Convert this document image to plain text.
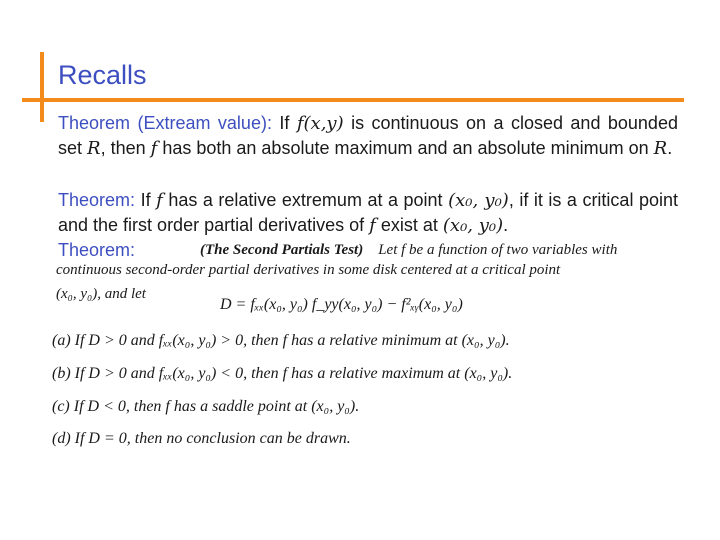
Recalls

Theorem (Extream value): If f(x,y) is continuous on a closed and bounded set R, then f has both an absolute maximum and an absolute minimum on R.

Theorem: If f has a relative extremum at a point (x₀, y₀), if it is a critical point and the first order partial derivatives of f exist at (x₀, y₀).

Theorem:	(The Second Partials Test) Let f be a function of two variables with
continuous second-order partial derivatives in some disk centered at a critical point
(x₀, y₀), and let
D = fₓₓ(x₀, y₀) f_yy(x₀, y₀) − f²ₓᵧ(x₀, y₀)
(a) If D > 0 and fₓₓ(x₀, y₀) > 0, then f has a relative minimum at (x₀, y₀).
(b) If D > 0 and fₓₓ(x₀, y₀) < 0, then f has a relative maximum at (x₀, y₀).
(c) If D < 0, then f has a saddle point at (x₀, y₀).
(d) If D = 0, then no conclusion can be drawn.
